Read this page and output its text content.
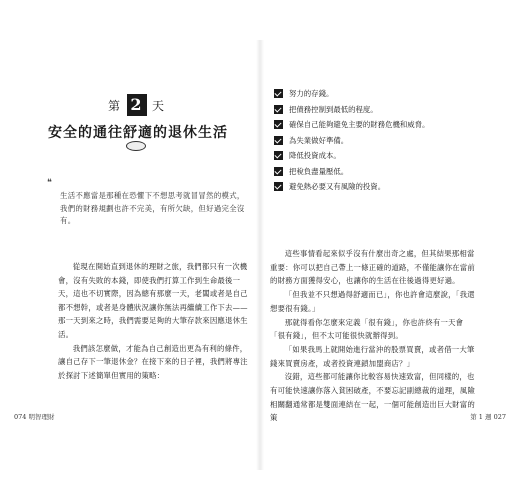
第 2 天
安全的通往舒適的退休生活
❝
生活不應當是那種在恐懼下不想思考就冒冒然的模式，我們的財務規劃也許不完美，有所欠缺，但好過完全沒有。

從現在開始直到退休的理財之旅，我們都只有一次機會，沒有失敗的本錢，即使我們打算工作到生命最後一天，這也不切實際，因為總有那麼一天，老闆或者是自己都不想幹，或者是身體狀況讓你無法再繼續工作下去——那一天到來之時，我們需要足夠的大筆存款來因應退休生活。

我們該怎麼做，才能為自己創造出更為有利的條件，讓自己存下一筆退休金？在接下來的日子裡，我們將專注於探討下述簡單但實用的策略：

074 明智理財
努力的存錢。
把債務控制到最低的程度。
確保自己能夠避免主要的財務危機和威脅。
為失業做好準備。
降低投資成本。
把稅負盡量壓低。
避免熱必要又有風險的投資。

這些事情看起來似乎沒有什麼出奇之處，但其結果那相當重要：你可以把自己帶上一條正確的道路，不僅能讓你在當前的財務方面獲得安心，也讓你的生活在往後過得更好過。

「但我並不只想過得舒適而已」，你也許會這麼說，「我還想要很有錢。」

那就得看你怎麼來定義「很有錢」，你也許終有一天會「很有錢」，但不太可能很快就辦得到。

「如果我馬上就開始進行當沖的股票買賣，或者借一大筆錢來買賣房產，或者投資連鎖加盟商店？」

沒錯，這些都可能讓你比較容易快速致富，但同樣的，也有可能快速讓你落入貧困破產，不要忘記副總裁的道理，風險相關翻通常都是雙面連結在一起，一個可能創造出巨大財富的策	第 1 週 027
